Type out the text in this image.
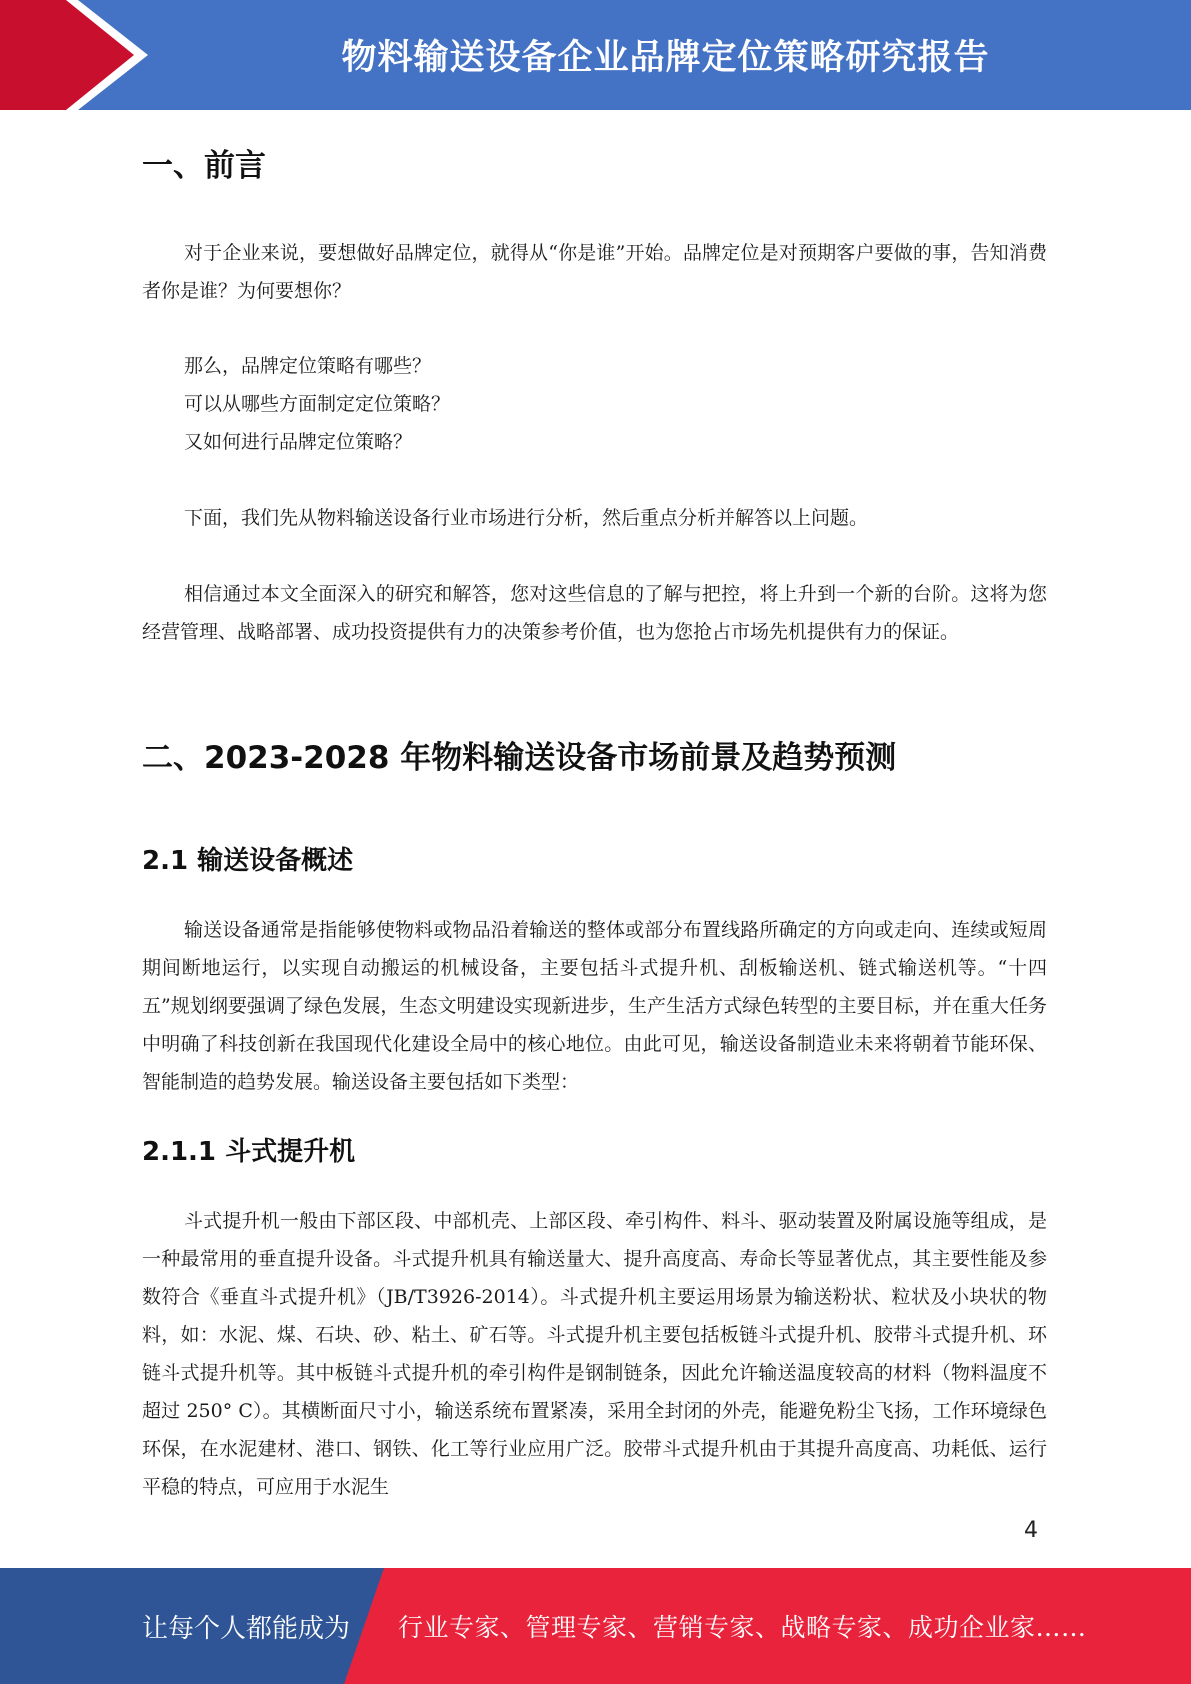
物料输送设备企业品牌定位策略研究报告
一、前言

对于企业来说，要想做好品牌定位，就得从“你是谁”开始。品牌定位是对预期客户要做的事，告知消费者你是谁？为何要想你？

那么，品牌定位策略有哪些？

可以从哪些方面制定定位策略？

又如何进行品牌定位策略？

下面，我们先从物料输送设备行业市场进行分析，然后重点分析并解答以上问题。

相信通过本文全面深入的研究和解答，您对这些信息的了解与把控，将上升到一个新的台阶。这将为您经营管理、战略部署、成功投资提供有力的决策参考价值，也为您抢占市场先机提供有力的保证。

二、2023-2028 年物料输送设备市场前景及趋势预测
2.1 输送设备概述

输送设备通常是指能够使物料或物品沿着输送的整体或部分布置线路所确定的方向或走向、连续或短周期间断地运行，以实现自动搬运的机械设备，主要包括斗式提升机、刮板输送机、链式输送机等。“十四五”规划纲要强调了绿色发展，生态文明建设实现新进步，生产生活方式绿色转型的主要目标，并在重大任务中明确了科技创新在我国现代化建设全局中的核心地位。由此可见，输送设备制造业未来将朝着节能环保、智能制造的趋势发展。输送设备主要包括如下类型：

2.1.1 斗式提升机

斗式提升机一般由下部区段、中部机壳、上部区段、牵引构件、料斗、驱动装置及附属设施等组成，是一种最常用的垂直提升设备。斗式提升机具有输送量大、提升高度高、寿命长等显著优点，其主要性能及参数符合《垂直斗式提升机》（JB/T3926-2014）。斗式提升机主要运用场景为输送粉状、粒状及小块状的物料，如：水泥、煤、石块、砂、粘土、矿石等。斗式提升机主要包括板链斗式提升机、胶带斗式提升机、环链斗式提升机等。其中板链斗式提升机的牵引构件是钢制链条，因此允许输送温度较高的材料（物料温度不超过 250° C）。其横断面尺寸小，输送系统布置紧凑，采用全封闭的外壳，能避免粉尘飞扬，工作环境绿色环保，在水泥建材、港口、钢铁、化工等行业应用广泛。胶带斗式提升机由于其提升高度高、功耗低、运行平稳的特点，可应用于水泥生

4
让每个人都能成为 行业专家、管理专家、营销专家、战略专家、成功企业家……
